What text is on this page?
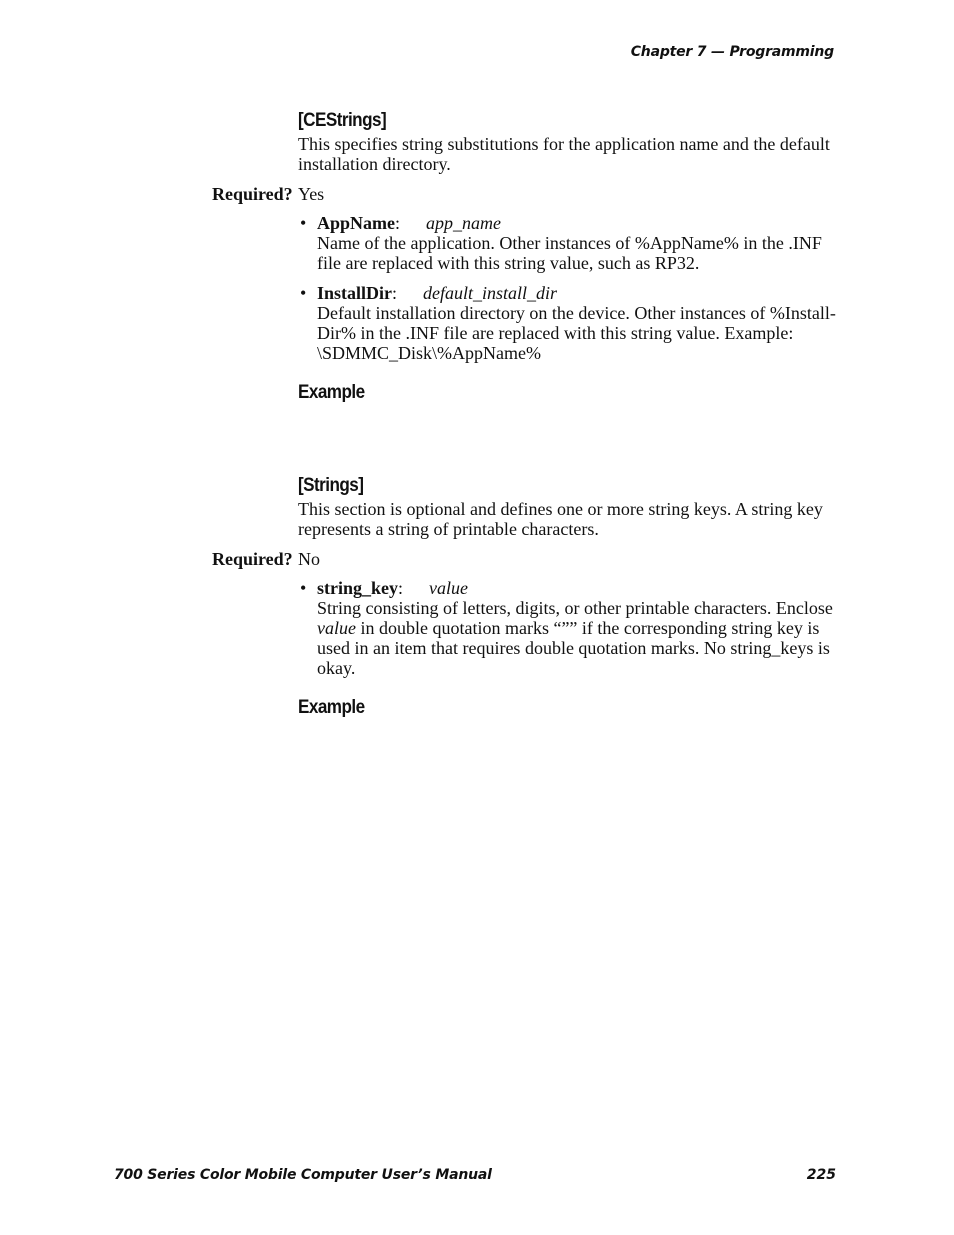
Chapter 7 — Programming
[CEStrings]
This specifies string substitutions for the application name and the default installation directory.
Required? Yes
• AppName: app_name
Name of the application. Other instances of %AppName% in the .INF file are replaced with this string value, such as RP32.
• InstallDir: default_install_dir
Default installation directory on the device. Other instances of %Install-Dir% in the .INF file are replaced with this string value. Example: \SDMMC_Disk\%AppName%
Example
[Strings]
This section is optional and defines one or more string keys. A string key represents a string of printable characters.
Required? No
• string_key: value
String consisting of letters, digits, or other printable characters. Enclose value in double quotation marks “”” if the corresponding string key is used in an item that requires double quotation marks. No string_keys is okay.
Example
700 Series Color Mobile Computer User’s Manual	225
